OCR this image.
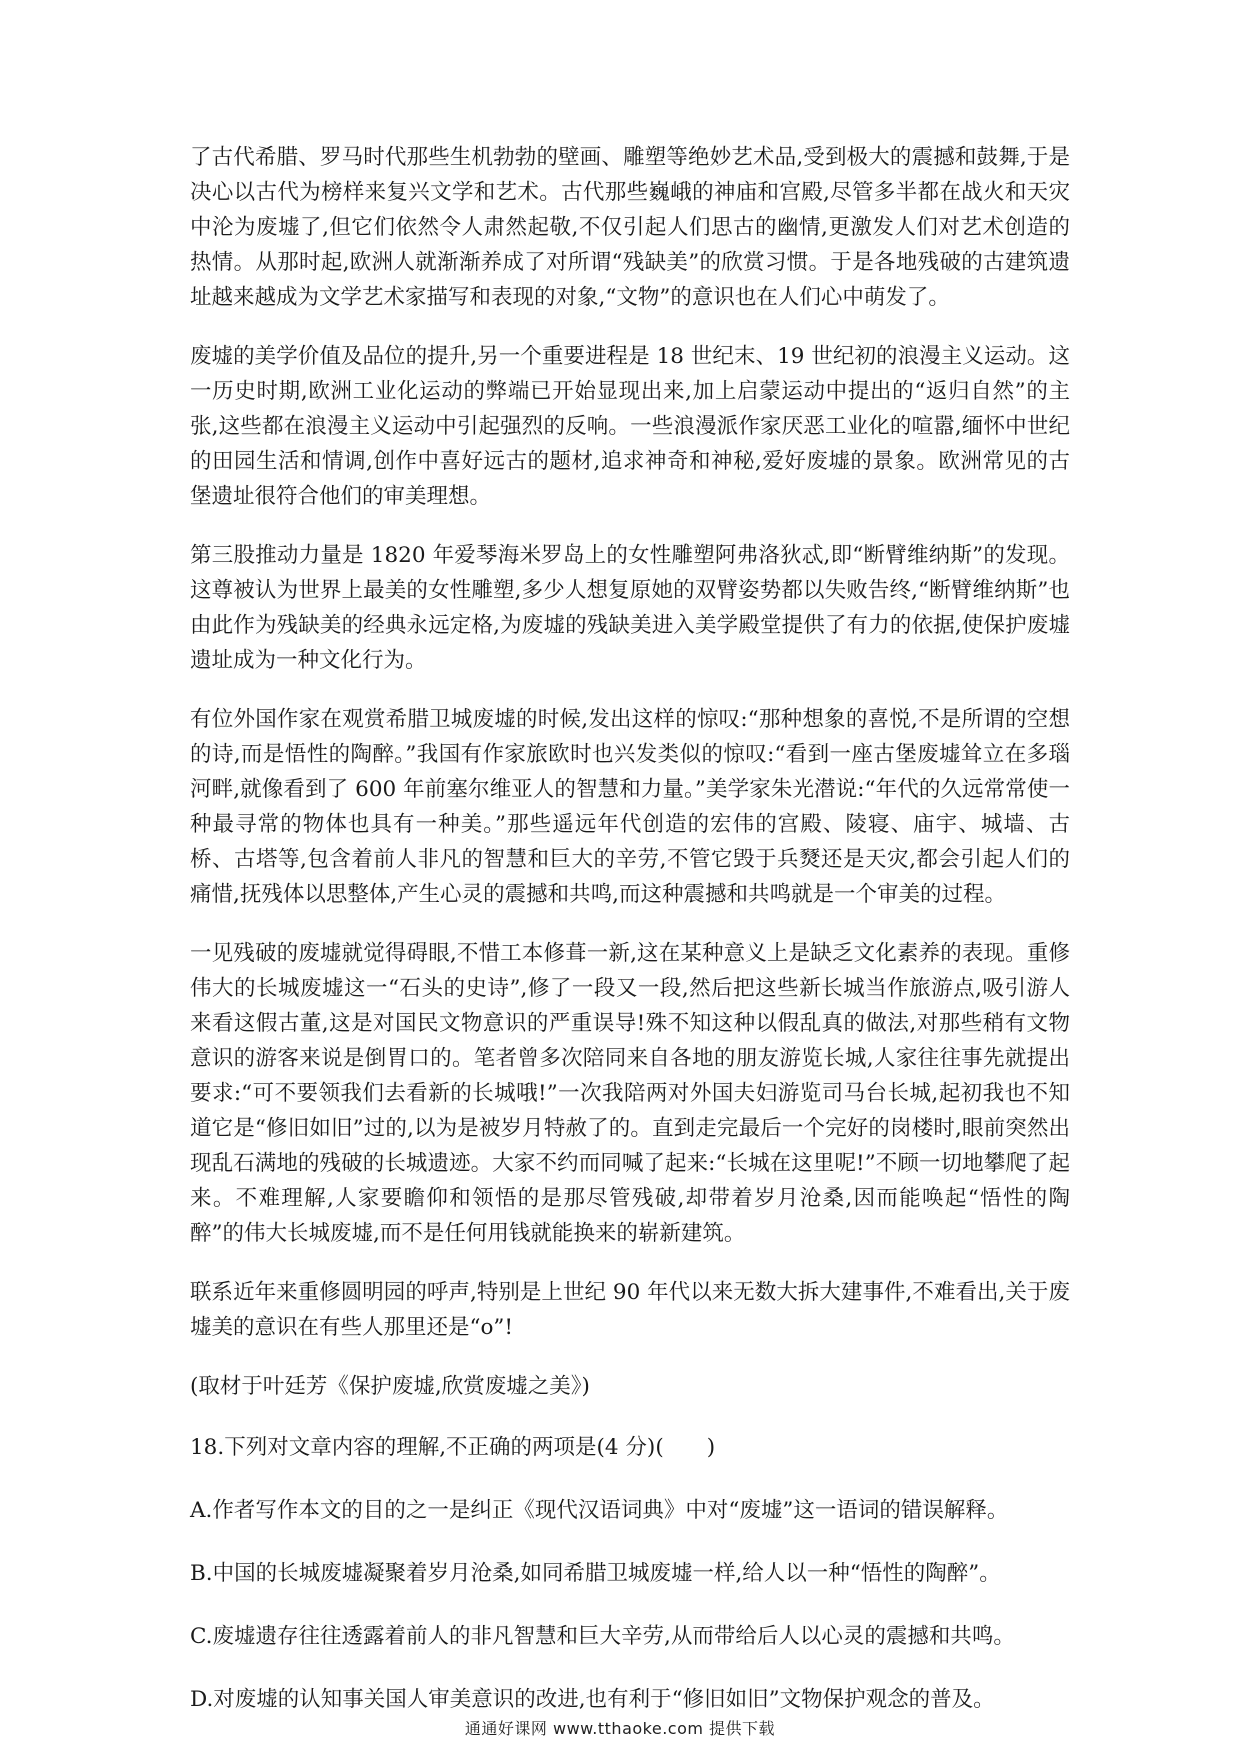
了古代希腊、罗马时代那些生机勃勃的壁画、雕塑等绝妙艺术品,受到极大的震撼和鼓舞,于是决心以古代为榜样来复兴文学和艺术。古代那些巍峨的神庙和宫殿,尽管多半都在战火和天灾中沦为废墟了,但它们依然令人肃然起敬,不仅引起人们思古的幽情,更激发人们对艺术创造的热情。从那时起,欧洲人就渐渐养成了对所谓“残缺美”的欣赏习惯。于是各地残破的古建筑遗址越来越成为文学艺术家描写和表现的对象,“文物”的意识也在人们心中萌发了。

废墟的美学价值及品位的提升,另一个重要进程是 18 世纪末、19 世纪初的浪漫主义运动。这一历史时期,欧洲工业化运动的弊端已开始显现出来,加上启蒙运动中提出的“返归自然”的主张,这些都在浪漫主义运动中引起强烈的反响。一些浪漫派作家厌恶工业化的喧嚣,缅怀中世纪的田园生活和情调,创作中喜好远古的题材,追求神奇和神秘,爱好废墟的景象。欧洲常见的古堡遗址很符合他们的审美理想。

第三股推动力量是 1820 年爱琴海米罗岛上的女性雕塑阿弗洛狄忒,即“断臂维纳斯”的发现。这尊被认为世界上最美的女性雕塑,多少人想复原她的双臂姿势都以失败告终,“断臂维纳斯”也由此作为残缺美的经典永远定格,为废墟的残缺美进入美学殿堂提供了有力的依据,使保护废墟遗址成为一种文化行为。

有位外国作家在观赏希腊卫城废墟的时候,发出这样的惊叹:“那种想象的喜悦,不是所谓的空想的诗,而是悟性的陶醉。”我国有作家旅欧时也兴发类似的惊叹:“看到一座古堡废墟耸立在多瑙河畔,就像看到了 600 年前塞尔维亚人的智慧和力量。”美学家朱光潜说:“年代的久远常常使一种最寻常的物体也具有一种美。”那些遥远年代创造的宏伟的宫殿、陵寝、庙宇、城墙、古桥、古塔等,包含着前人非凡的智慧和巨大的辛劳,不管它毁于兵燹还是天灾,都会引起人们的痛惜,抚残体以思整体,产生心灵的震撼和共鸣,而这种震撼和共鸣就是一个审美的过程。

一见残破的废墟就觉得碍眼,不惜工本修葺一新,这在某种意义上是缺乏文化素养的表现。重修伟大的长城废墟这一“石头的史诗”,修了一段又一段,然后把这些新长城当作旅游点,吸引游人来看这假古董,这是对国民文物意识的严重误导!殊不知这种以假乱真的做法,对那些稍有文物意识的游客来说是倒胃口的。笔者曾多次陪同来自各地的朋友游览长城,人家往往事先就提出要求:“可不要领我们去看新的长城哦!”一次我陪两对外国夫妇游览司马台长城,起初我也不知道它是“修旧如旧”过的,以为是被岁月特赦了的。直到走完最后一个完好的岗楼时,眼前突然出现乱石满地的残破的长城遗迹。大家不约而同喊了起来:“长城在这里呢!”不顾一切地攀爬了起来。不难理解,人家要瞻仰和领悟的是那尽管残破,却带着岁月沧桑,因而能唤起“悟性的陶醉”的伟大长城废墟,而不是任何用钱就能换来的崭新建筑。

联系近年来重修圆明园的呼声,特别是上世纪 90 年代以来无数大拆大建事件,不难看出,关于废墟美的意识在有些人那里还是“o”!

(取材于叶廷芳《保护废墟,欣赏废墟之美》)

18.下列对文章内容的理解,不正确的两项是(4 分)(　　)

A.作者写作本文的目的之一是纠正《现代汉语词典》中对“废墟”这一语词的错误解释。

B.中国的长城废墟凝聚着岁月沧桑,如同希腊卫城废墟一样,给人以一种“悟性的陶醉”。

C.废墟遗存往往透露着前人的非凡智慧和巨大辛劳,从而带给后人以心灵的震撼和共鸣。

D.对废墟的认知事关国人审美意识的改进,也有利于“修旧如旧”文物保护观念的普及。

通通好课网 www.tthaoke.com 提供下载
